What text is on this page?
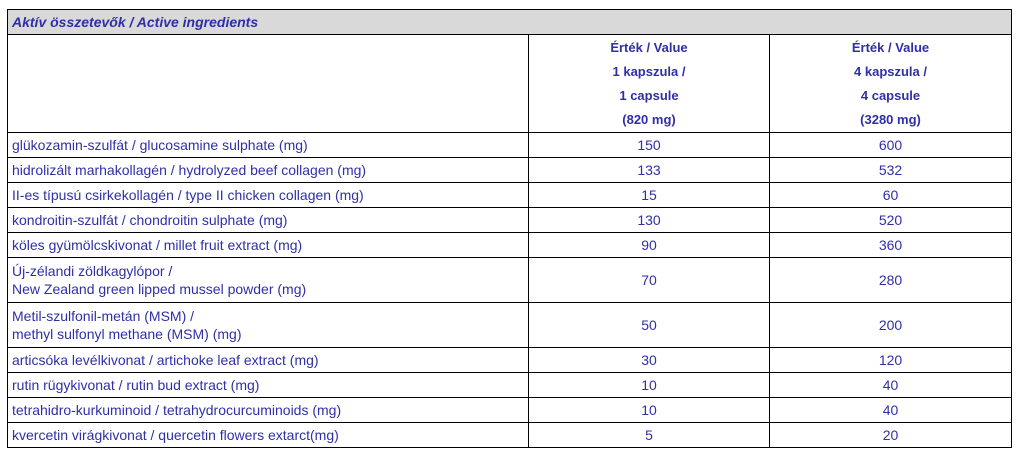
Aktív összetevők / Active ingredients		

	Érték / Value
1 kapszula /
1 capsule
(820 mg)	Érték / Value
4 kapszula /
4 capsule
(3280 mg)

glükozamin-szulfát / glucosamine sulphate (mg)	150	600

hidrolizált marhakollagén / hydrolyzed beef collagen (mg)	133	532

II-es típusú csirkekollagén / type II chicken collagen (mg)	15	60

kondroitin-szulfát / chondroitin sulphate (mg)	130	520

köles gyümölcskivonat / millet fruit extract (mg)	90	360

Új-zélandi zöldkagylópor /
New Zealand green lipped mussel powder (mg)	70	280

Metil-szulfonil-metán (MSM) /
methyl sulfonyl methane (MSM) (mg)	50	200

articsóka levélkivonat / artichoke leaf extract (mg)	30	120

rutin rügykivonat / rutin bud extract (mg)	10	40

tetrahidro-kurkuminoid / tetrahydrocurcuminoids (mg)	10	40

kvercetin virágkivonat / quercetin flowers extarct(mg)	5	20
